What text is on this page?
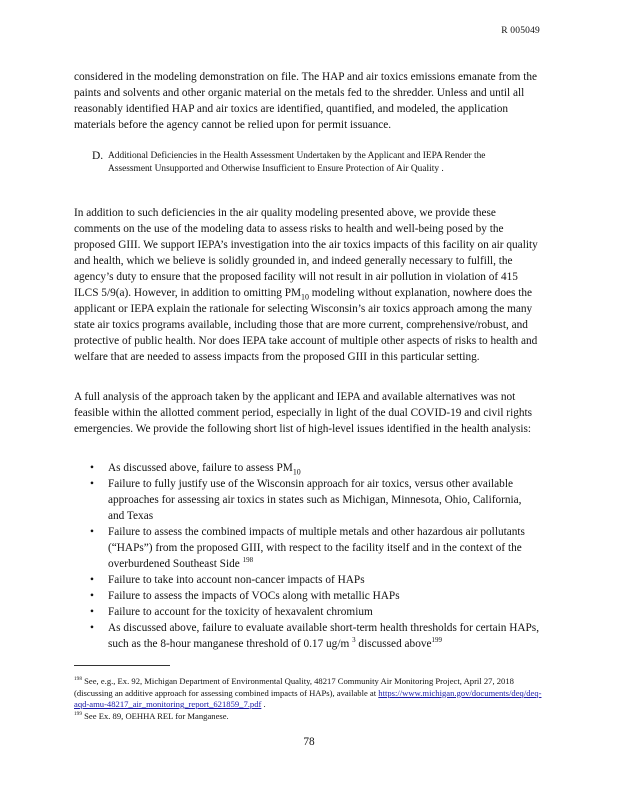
R 005049

considered in the modeling demonstration on file. The HAP and air toxics emissions emanate from the paints and solvents and other organic material on the metals fed to the shredder. Unless and until all reasonably identified HAP and air toxics are identified, quantified, and modeled, the application materials before the agency cannot be relied upon for permit issuance.

D. Additional Deficiencies in the Health Assessment Undertaken by the Applicant and IEPA Render the Assessment Unsupported and Otherwise Insufficient to Ensure Protection of Air Quality .

In addition to such deficiencies in the air quality modeling presented above, we provide these comments on the use of the modeling data to assess risks to health and well-being posed by the proposed GIII. We support IEPA’s investigation into the air toxics impacts of this facility on air quality and health, which we believe is solidly grounded in, and indeed generally necessary to fulfill, the agency’s duty to ensure that the proposed facility will not result in air pollution in violation of 415 ILCS 5/9(a). However, in addition to omitting $PM_{10}$ modeling without explanation, nowhere does the applicant or IEPA explain the rationale for selecting Wisconsin’s air toxics approach among the many state air toxics programs available, including those that are more current, comprehensive/robust, and protective of public health. Nor does IEPA take account of multiple other aspects of risks to health and welfare that are needed to assess impacts from the proposed GIII in this particular setting.

A full analysis of the approach taken by the applicant and IEPA and available alternatives was not feasible within the allotted comment period, especially in light of the dual COVID-19 and civil rights emergencies. We provide the following short list of high-level issues identified in the health analysis:

• As discussed above, failure to assess $PM_{10}$
• Failure to fully justify use of the Wisconsin approach for air toxics, versus other available approaches for assessing air toxics in states such as Michigan, Minnesota, Ohio, California, and Texas
• Failure to assess the combined impacts of multiple metals and other hazardous air pollutants (“HAPs”) from the proposed GIII, with respect to the facility itself and in the context of the overburdened Southeast Side $^{198}$
• Failure to take into account non-cancer impacts of HAPs
• Failure to assess the impacts of VOCs along with metallic HAPs
• Failure to account for the toxicity of hexavalent chromium
• As discussed above, failure to evaluate available short-term health thresholds for certain HAPs, such as the 8-hour manganese threshold of 0.17 ug/m $^3$ discussed above$^{199}$

$^{198}$ See, e.g., Ex. 92, Michigan Department of Environmental Quality, 48217 Community Air Monitoring Project, April 27, 2018 (discussing an additive approach for assessing combined impacts of HAPs), available at https://www.michigan.gov/documents/deq/deq-aqd-amu-48217_air_monitoring_report_621859_7.pdf .

$^{199}$ See Ex. 89, OEHHA REL for Manganese.

78
